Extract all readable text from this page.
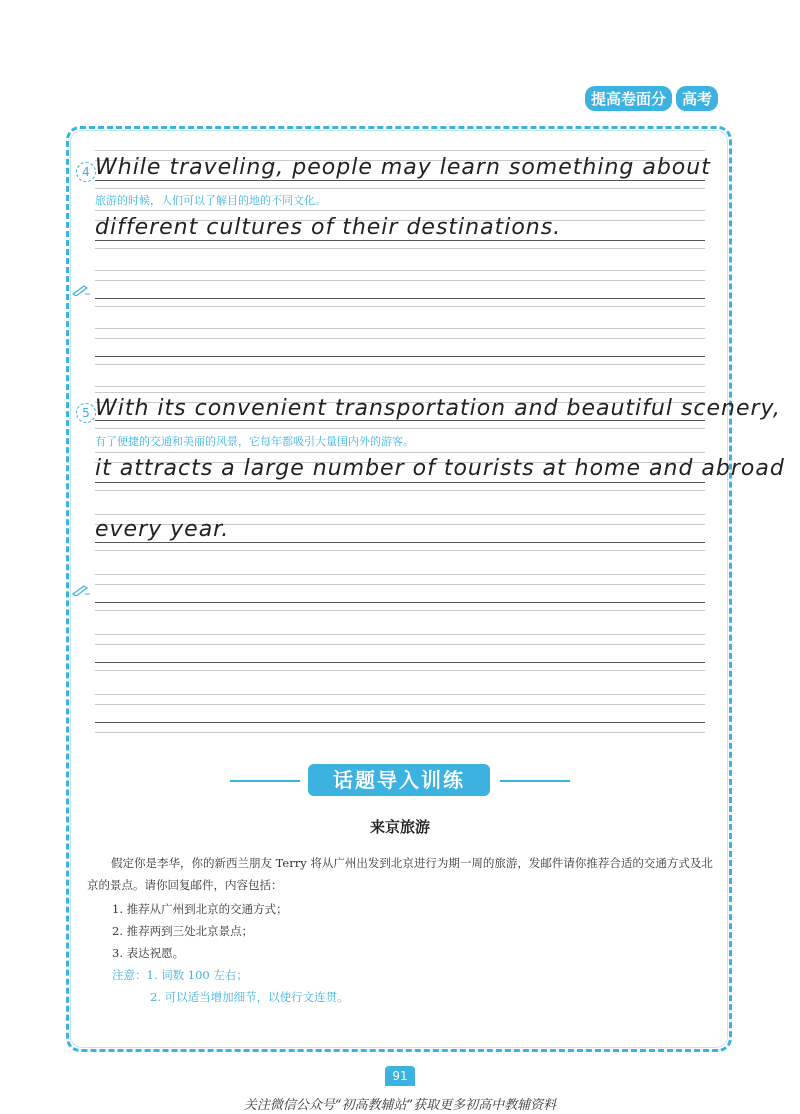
提高卷面分	高考
4 While traveling, people may learn something about
旅游的时候，人们可以了解目的地的不同文化。
different cultures of their destinations.
5 With its convenient transportation and beautiful scenery,
有了便捷的交通和美丽的风景，它每年都吸引大量国内外的游客。
it attracts a large number of tourists at home and abroad
every year.
话题导入训练
来京旅游
假定你是李华，你的新西兰朋友 Terry 将从广州出发到北京进行为期一周的旅游，发邮件请你推荐合适的交通方式及北京的景点。请你回复邮件，内容包括：
1. 推荐从广州到北京的交通方式；
2. 推荐两到三处北京景点；
3. 表达祝愿。
注意：1. 词数 100 左右；
2. 可以适当增加细节，以使行文连贯。
91
关注微信公众号“初高教辅站”获取更多初高中教辅资料
